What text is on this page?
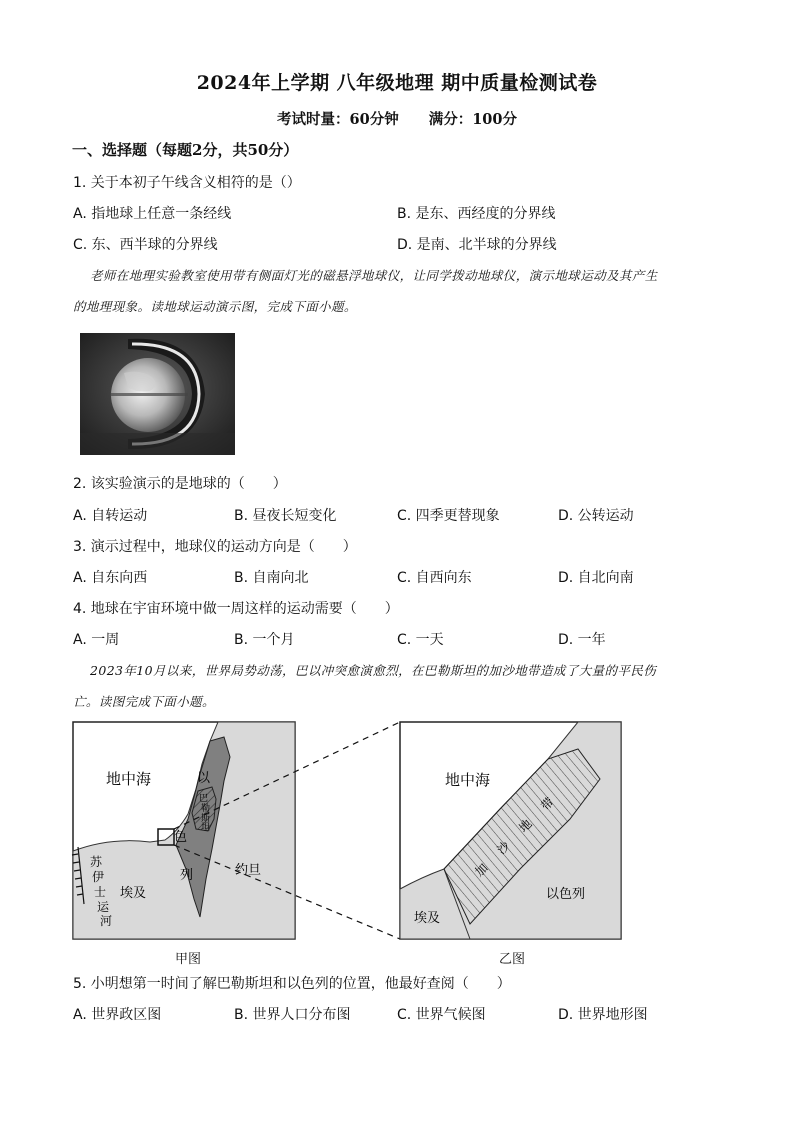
2024年上学期 八年级地理 期中质量检测试卷
考试时量：60分钟 满分：100分
一、选择题（每题2分，共50分）
1. 关于本初子午线含义相符的是（）
A. 指地球上任意一条经线	B. 是东、西经度的分界线
C. 东、西半球的分界线	D. 是南、北半球的分界线
老师在地理实验教室使用带有侧面灯光的磁悬浮地球仪，让同学拨动地球仪，演示地球运动及其产生
的地理现象。读地球运动演示图，完成下面小题。
2. 该实验演示的是地球的（　　）
A. 自转运动	B. 昼夜长短变化	C. 四季更替现象	D. 公转运动
3. 演示过程中，地球仪的运动方向是（　　）
A. 自东向西	B. 自南向北	C. 自西向东	D. 自北向南
4. 地球在宇宙环境中做一周这样的运动需要（　　）
A. 一周	B. 一个月	C. 一天	D. 一年
2023年10月以来，世界局势动荡，巴以冲突愈演愈烈，在巴勒斯坦的加沙地带造成了大量的平民伤
亡。读图完成下面小题。
地中海	以
色
列
巴
勒
斯
坦
约旦
埃及
苏
伊
士
运
河
地中海
加
沙
地
带
以色列
埃及
甲图	乙图
5. 小明想第一时间了解巴勒斯坦和以色列的位置，他最好查阅（　　）
A. 世界政区图	B. 世界人口分布图	C. 世界气候图	D. 世界地形图
